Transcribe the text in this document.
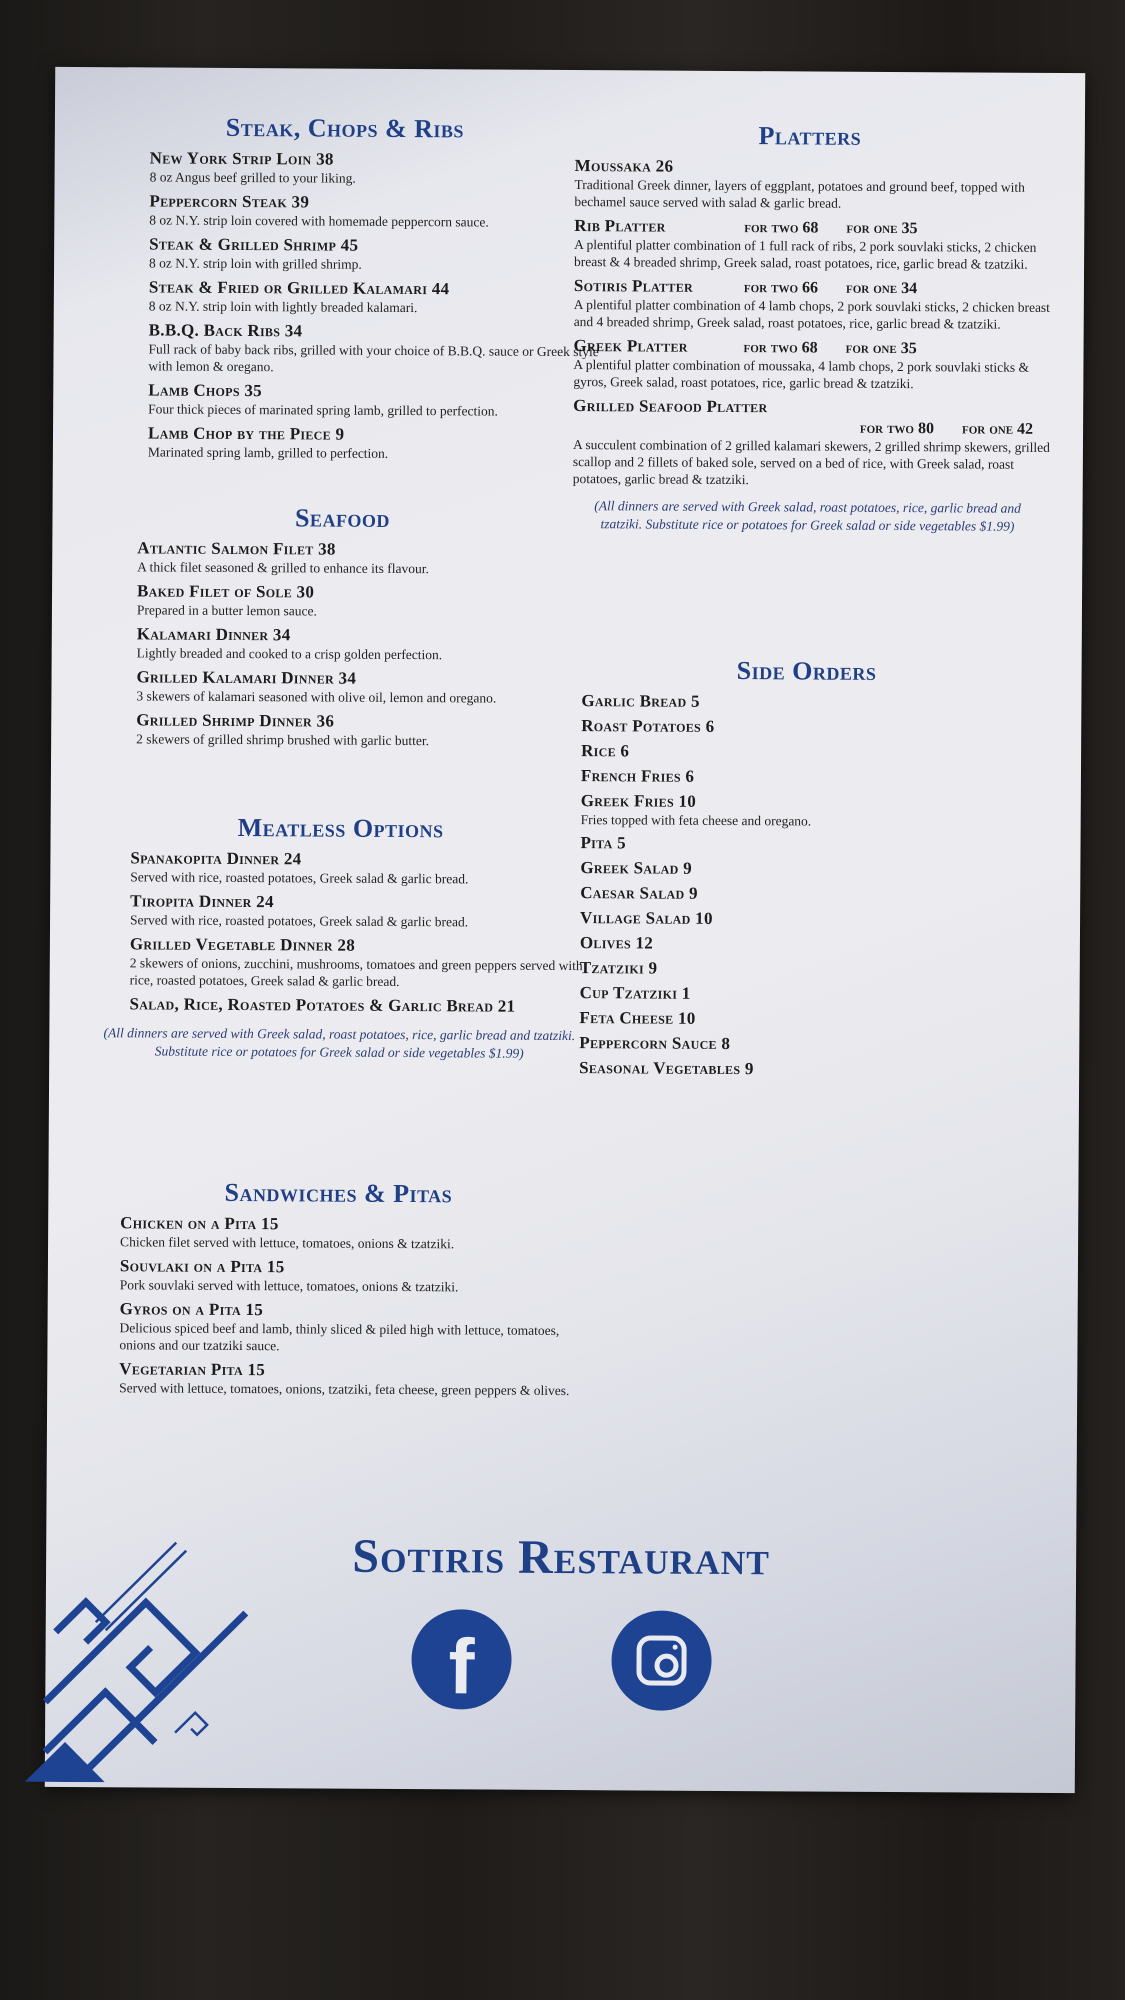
Steak, Chops & Ribs
New York Strip Loin 38
8 oz Angus beef grilled to your liking.
Peppercorn Steak 39
8 oz N.Y. strip loin covered with homemade peppercorn sauce.
Steak & Grilled Shrimp 45
8 oz N.Y. strip loin with grilled shrimp.
Steak & Fried or Grilled Kalamari 44
8 oz N.Y. strip loin with lightly breaded kalamari.
B.B.Q. Back Ribs 34
Full rack of baby back ribs, grilled with your choice of B.B.Q. sauce or Greek style with lemon & oregano.
Lamb Chops 35
Four thick pieces of marinated spring lamb, grilled to perfection.
Lamb Chop by the Piece 9
Marinated spring lamb, grilled to perfection.
Seafood
Atlantic Salmon Filet 38
A thick filet seasoned & grilled to enhance its flavour.
Baked Filet of Sole 30
Prepared in a butter lemon sauce.
Kalamari Dinner 34
Lightly breaded and cooked to a crisp golden perfection.
Grilled Kalamari Dinner 34
3 skewers of kalamari seasoned with olive oil, lemon and oregano.
Grilled Shrimp Dinner 36
2 skewers of grilled shrimp brushed with garlic butter.
Meatless Options
Spanakopita Dinner 24
Served with rice, roasted potatoes, Greek salad & garlic bread.
Tiropita Dinner 24
Served with rice, roasted potatoes, Greek salad & garlic bread.
Grilled Vegetable Dinner 28
2 skewers of onions, zucchini, mushrooms, tomatoes and green peppers served with rice, roasted potatoes, Greek salad & garlic bread.
Salad, Rice, Roasted Potatoes & Garlic Bread 21
(All dinners are served with Greek salad, roast potatoes, rice, garlic bread and tzatziki. Substitute rice or potatoes for Greek salad or side vegetables $1.99)
Sandwiches & Pitas
Chicken on a Pita 15
Chicken filet served with lettuce, tomatoes, onions & tzatziki.
Souvlaki on a Pita 15
Pork souvlaki served with lettuce, tomatoes, onions & tzatziki.
Gyros on a Pita 15
Delicious spiced beef and lamb, thinly sliced & piled high with lettuce, tomatoes, onions and our tzatziki sauce.
Vegetarian Pita 15
Served with lettuce, tomatoes, onions, tzatziki, feta cheese, green peppers & olives.
Platters
Moussaka 26
Traditional Greek dinner, layers of eggplant, potatoes and ground beef, topped with bechamel sauce served with salad & garlic bread.
Rib Platter	for two 68 for one 35
A plentiful platter combination of 1 full rack of ribs, 2 pork souvlaki sticks, 2 chicken breast & 4 breaded shrimp, Greek salad, roast potatoes, rice, garlic bread & tzatziki.
Sotiris Platter	for two 66 for one 34
A plentiful platter combination of 4 lamb chops, 2 pork souvlaki sticks, 2 chicken breast and 4 breaded shrimp, Greek salad, roast potatoes, rice, garlic bread & tzatziki.
Greek Platter	for two 68 for one 35
A plentiful platter combination of moussaka, 4 lamb chops, 2 pork souvlaki sticks & gyros, Greek salad, roast potatoes, rice, garlic bread & tzatziki.
Grilled Seafood Platter
for two 80 for one 42
A succulent combination of 2 grilled kalamari skewers, 2 grilled shrimp skewers, grilled scallop and 2 fillets of baked sole, served on a bed of rice, with Greek salad, roast potatoes, garlic bread & tzatziki.
(All dinners are served with Greek salad, roast potatoes, rice, garlic bread and tzatziki. Substitute rice or potatoes for Greek salad or side vegetables $1.99)
Side Orders
Garlic Bread 5
Roast Potatoes 6
Rice 6
French Fries 6
Greek Fries 10
Fries topped with feta cheese and oregano.
Pita 5
Greek Salad 9
Caesar Salad 9
Village Salad 10
Olives 12
Tzatziki 9
Cup Tzatziki 1
Feta Cheese 10
Peppercorn Sauce 8
Seasonal Vegetables 9
Sotiris Restaurant
f
